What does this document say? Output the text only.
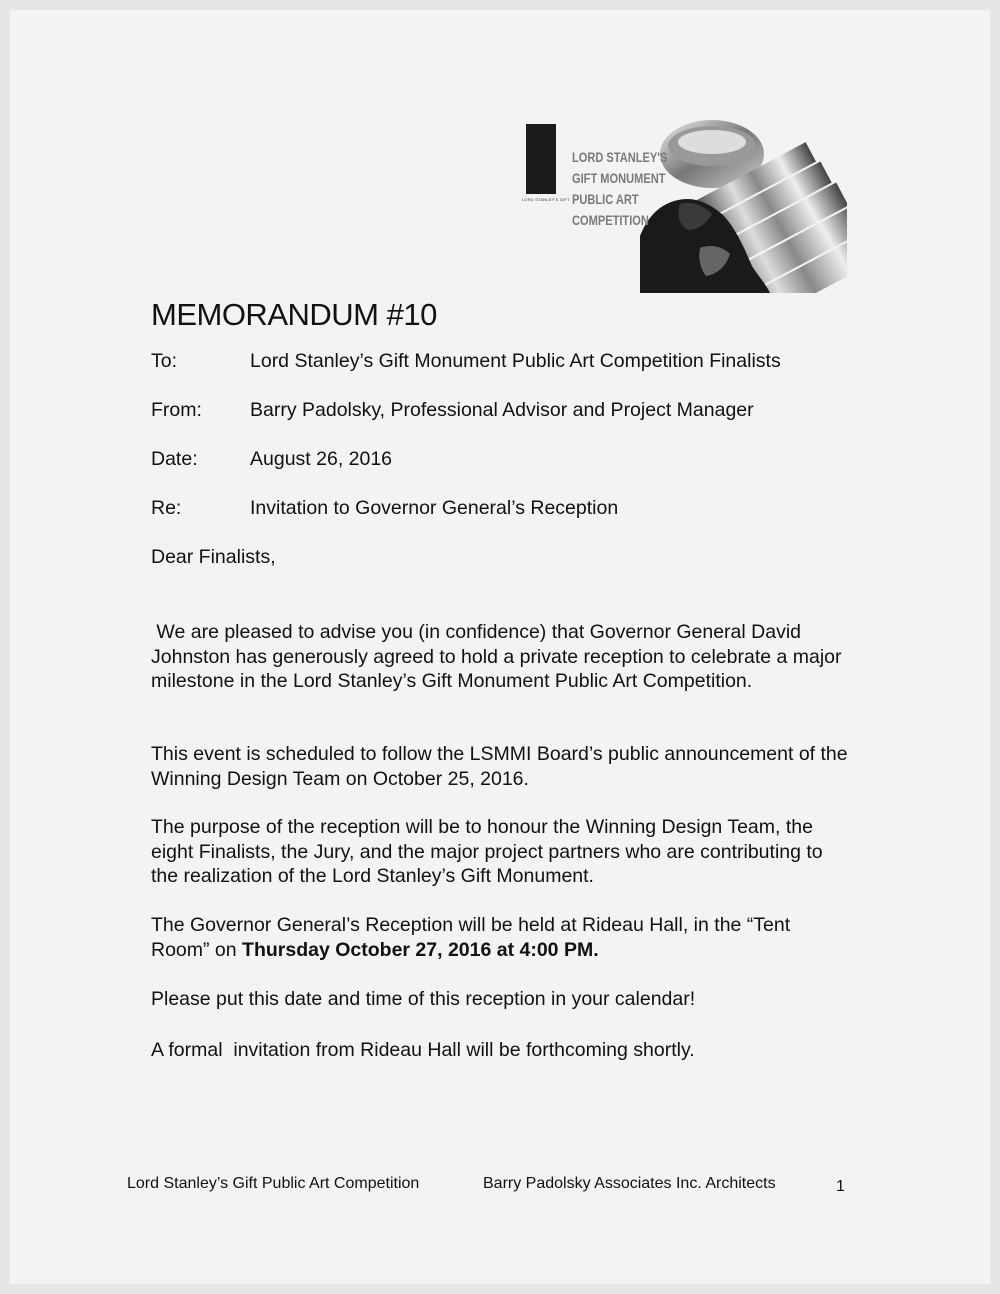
LORD STANLEY'S GIFT
LORD STANLEY'S
GIFT MONUMENT
PUBLIC ART
COMPETITION
MEMORANDUM #10
To:	Lord Stanley’s Gift Monument Public Art Competition Finalists
From: Barry Padolsky, Professional Advisor and Project Manager
Date:	August 26, 2016
Re:	Invitation to Governor General’s Reception
Dear Finalists,
We are pleased to advise you (in confidence) that Governor General David Johnston has generously agreed to hold a private reception to celebrate a major milestone in the Lord Stanley’s Gift Monument Public Art Competition.
This event is scheduled to follow the LSMMI Board’s public announcement of the Winning Design Team on October 25, 2016.
The purpose of the reception will be to honour the Winning Design Team, the eight Finalists, the Jury, and the major project partners who are contributing to the realization of the Lord Stanley’s Gift Monument.
The Governor General’s Reception will be held at Rideau Hall, in the “Tent Room” on Thursday October 27, 2016 at 4:00 PM.
Please put this date and time of this reception in your calendar!
A formal  invitation from Rideau Hall will be forthcoming shortly.
Lord Stanley’s Gift Public Art Competition	Barry Padolsky Associates Inc. Architects	1
